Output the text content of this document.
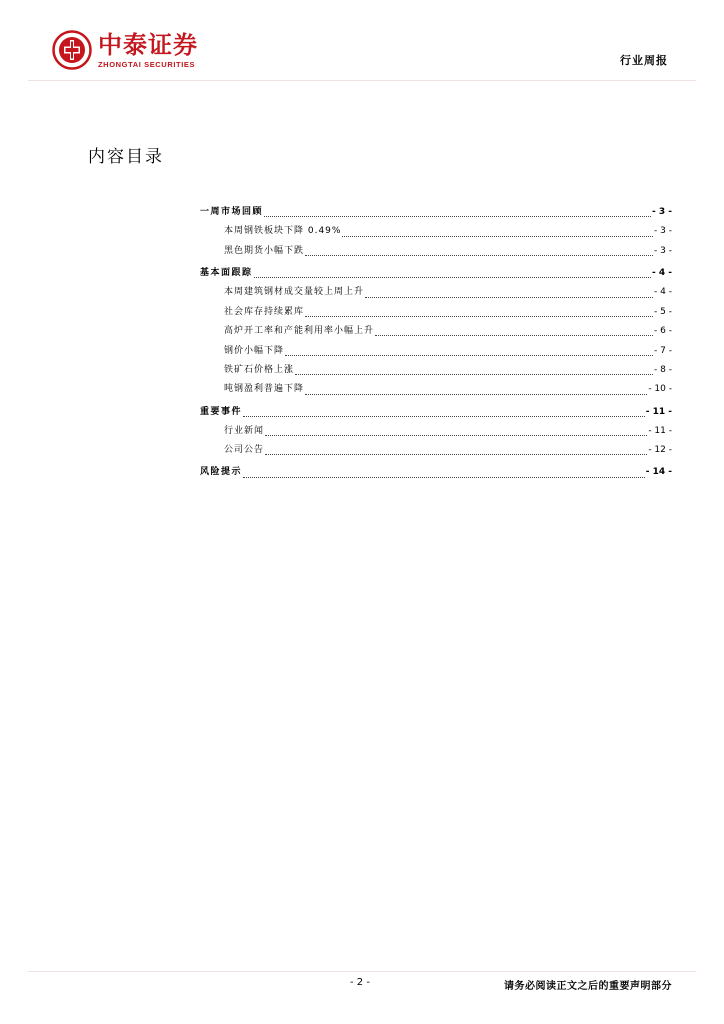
中泰证券
ZHONGTAI SECURITIES	行业周报
内容目录
一周市场回顾	- 3 -
本周钢铁板块下降 0.49%	- 3 -
黑色期货小幅下跌	- 3 -
基本面跟踪	- 4 -
本周建筑钢材成交量较上周上升	- 4 -
社会库存持续累库	- 5 -
高炉开工率和产能利用率小幅上升	- 6 -
钢价小幅下降	- 7 -
铁矿石价格上涨	- 8 -
吨钢盈利普遍下降	- 10 -
重要事件	- 11 -
行业新闻	- 11 -
公司公告	- 12 -
风险提示	- 14 -
- 2 -	请务必阅读正文之后的重要声明部分
